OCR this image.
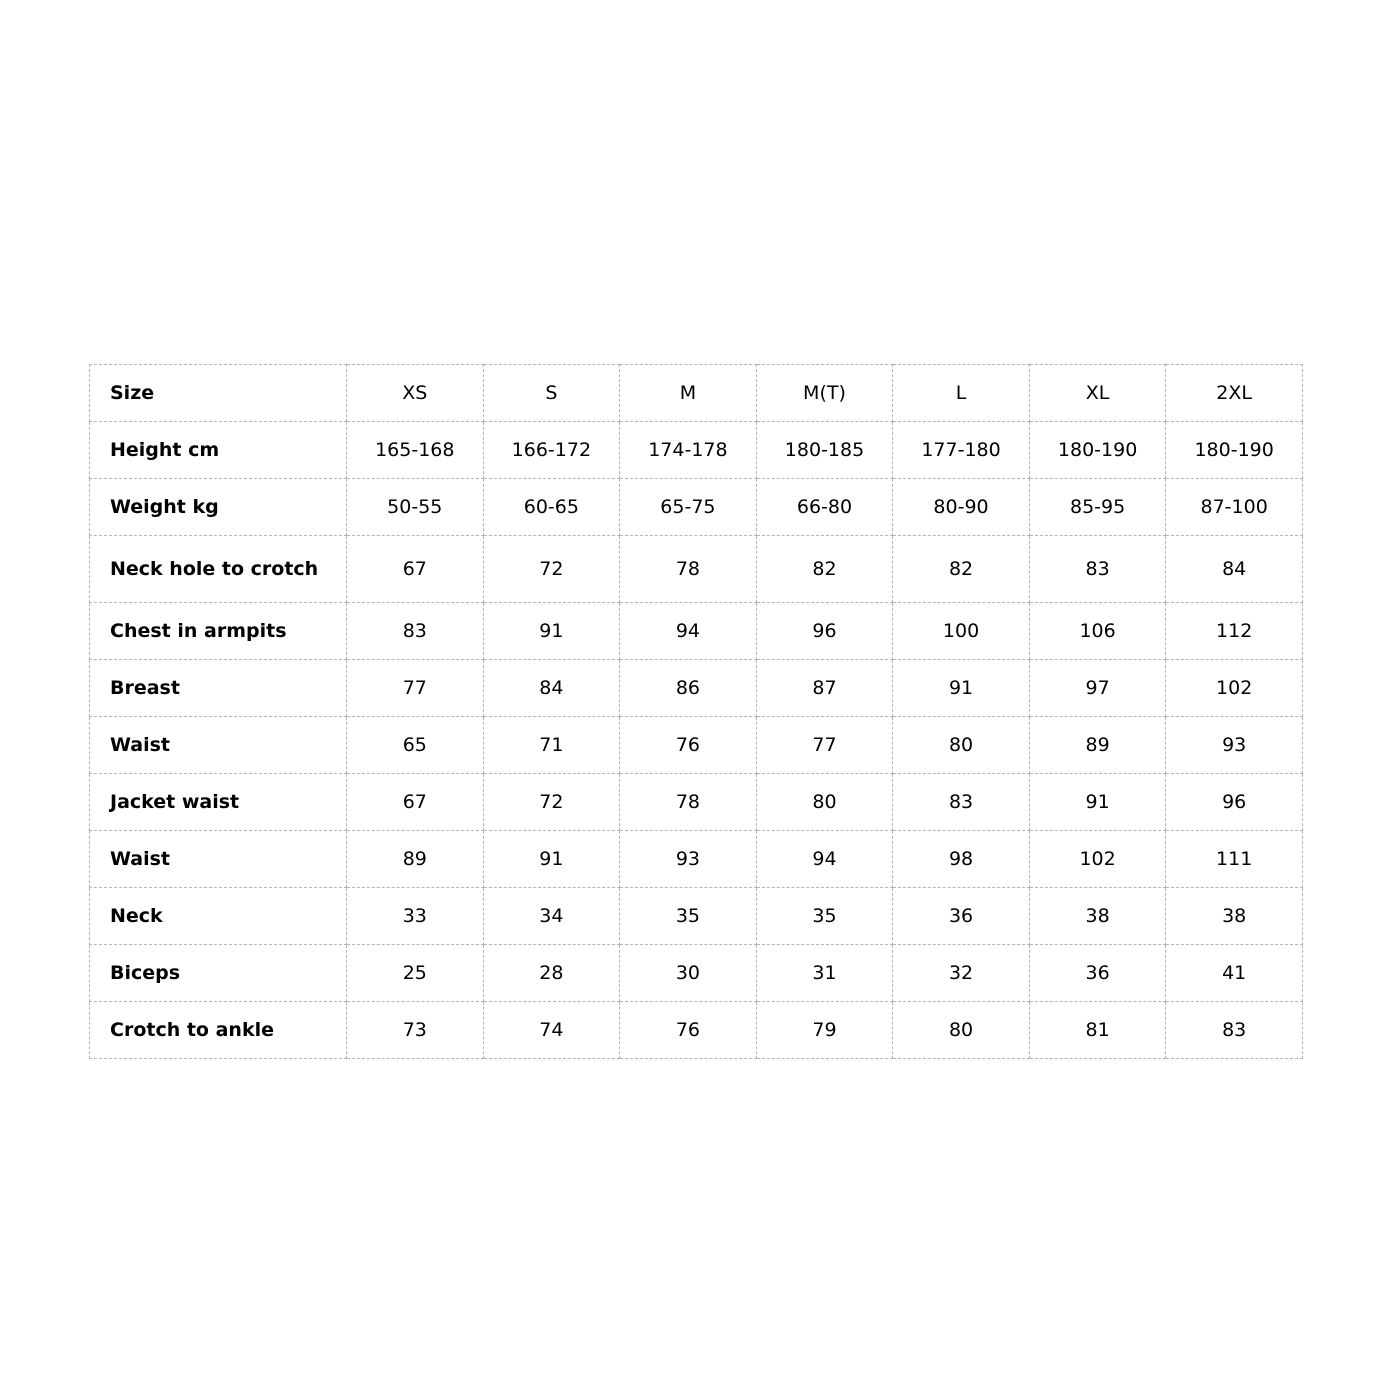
Size	XS	S	M	M(T)	L	XL	2XL
Height cm	165-168	166-172	174-178	180-185	177-180	180-190	180-190
Weight kg	50-55	60-65	65-75	66-80	80-90	85-95	87-100
Neck hole to crotch	67	72	78	82	82	83	84
Chest in armpits	83	91	94	96	100	106	112
Breast	77	84	86	87	91	97	102
Waist	65	71	76	77	80	89	93
Jacket waist	67	72	78	80	83	91	96
Waist	89	91	93	94	98	102	111
Neck	33	34	35	35	36	38	38
Biceps	25	28	30	31	32	36	41
Crotch to ankle	73	74	76	79	80	81	83
